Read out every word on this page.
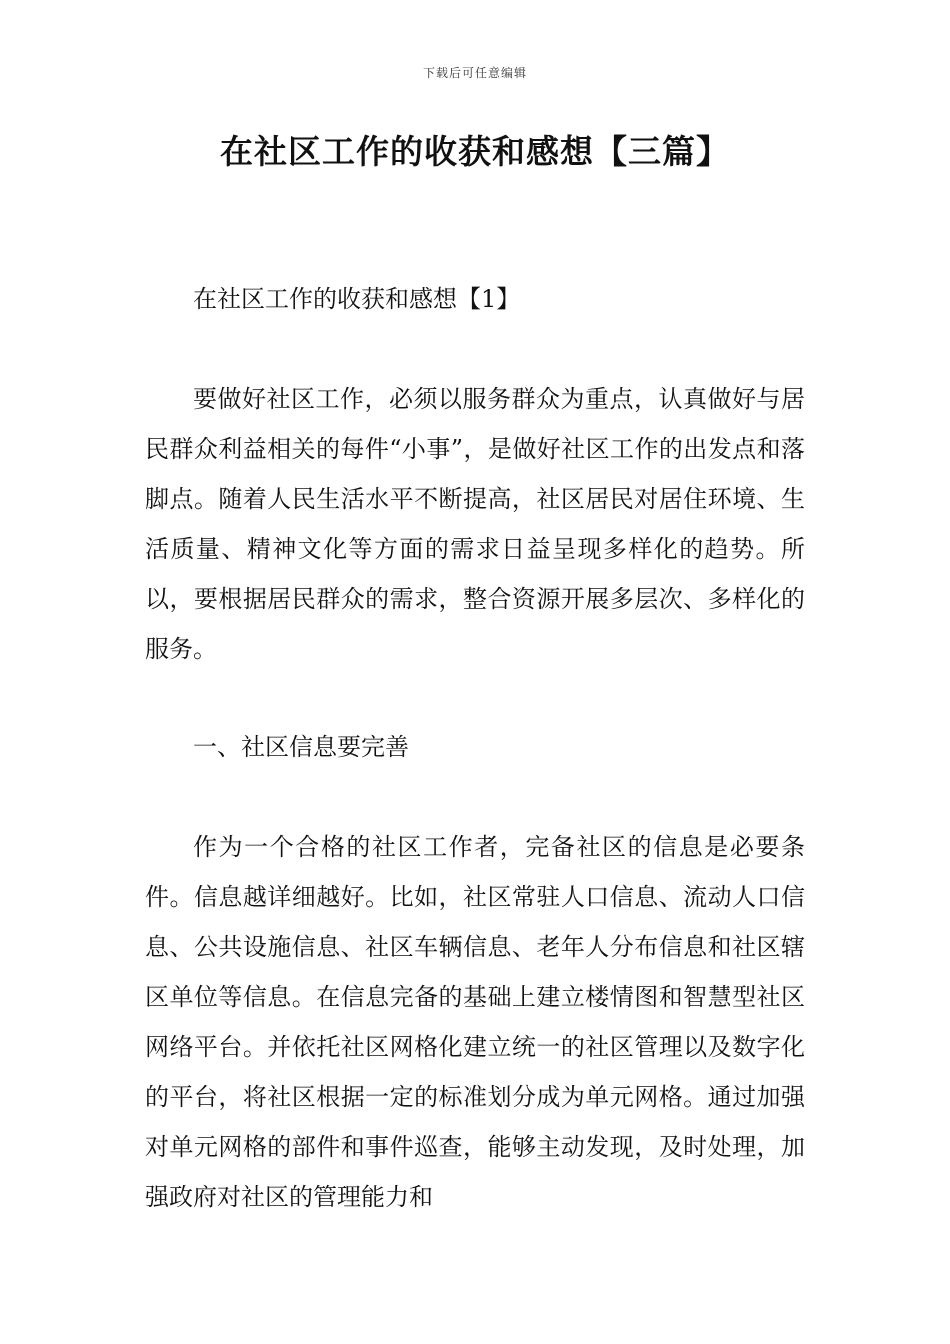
下载后可任意编辑
在社区工作的收获和感想【三篇】

在社区工作的收获和感想【1】

要做好社区工作，必须以服务群众为重点，认真做好与居民群众利益相关的每件“小事”，是做好社区工作的出发点和落脚点。随着人民生活水平不断提高，社区居民对居住环境、生活质量、精神文化等方面的需求日益呈现多样化的趋势。所以，要根据居民群众的需求，整合资源开展多层次、多样化的服务。

一、社区信息要完善

作为一个合格的社区工作者，完备社区的信息是必要条件。信息越详细越好。比如，社区常驻人口信息、流动人口信息、公共设施信息、社区车辆信息、老年人分布信息和社区辖区单位等信息。在信息完备的基础上建立楼情图和智慧型社区网络平台。并依托社区网格化建立统一的社区管理以及数字化的平台，将社区根据一定的标准划分成为单元网格。通过加强对单元网格的部件和事件巡查，能够主动发现，及时处理，加强政府对社区的管理能力和
